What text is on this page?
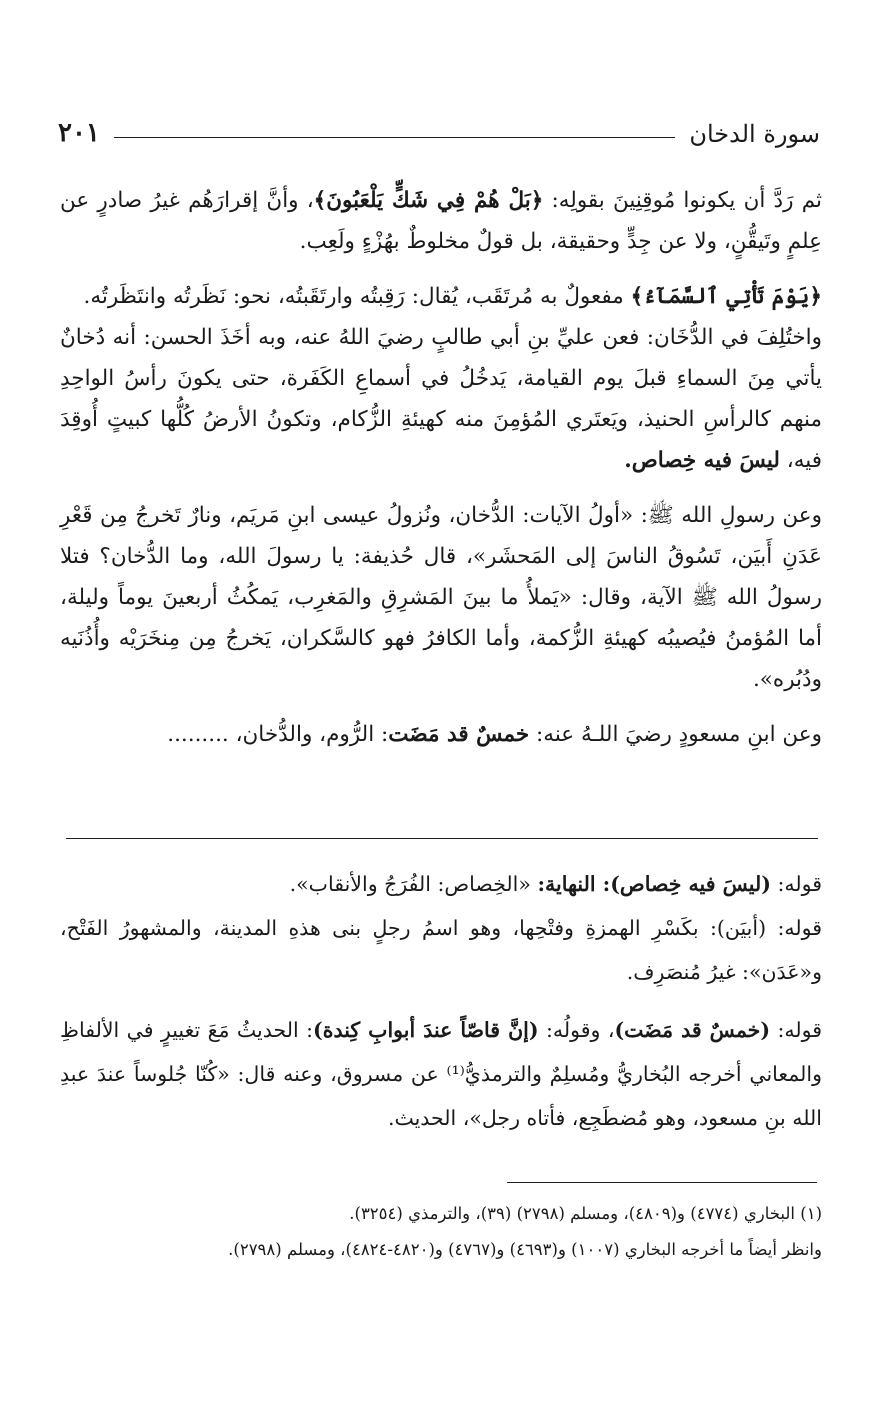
سورة الدخان
٢٠١

ثم رَدَّ أن يكونوا مُوقِنِينَ بقولِه: ﴿بَلْ هُمْ فِي شَكٍّ يَلْعَبُونَ﴾، وأنَّ إقرارَهُم غيرُ صادرٍ عن عِلمٍ وتَيقُّنٍ، ولا عن جِدٍّ وحقيقة، بل قولٌ مخلوطٌ بهُزْءٍ ولَعِب.

﴿يَوْمَ تَأْتِي ٱلسَّمَآءُ﴾ مفعولٌ به مُرتَقَب، يُقال: رَقِبتُه وارتَقَبتُه، نحو: نَظَرتُه وانتَظَرتُه.

واختُلِفَ في الدُّخَان: فعن عليِّ بنِ أبي طالبٍ رضيَ اللهُ عنه، وبه أخَذَ الحسن: أنه دُخانٌ يأتي مِنَ السماءِ قبلَ يوم القيامة، يَدخُلُ في أسماعِ الكَفَرة، حتى يكونَ رأسُ الواحِدِ منهم كالرأسِ الحنيذ، ويَعتَري المُؤمِنَ منه كهيئةِ الزُّكام، وتكونُ الأرضُ كُلُّها كبيتٍ أُوقِدَ فيه، ليسَ فيه خِصاص.

وعن رسولِ الله ﷺ: «أولُ الآيات: الدُّخان، ونُزولُ عيسى ابنِ مَريَم، ونارٌ تَخرجُ مِن قَعْرِ عَدَنِ أَبيَن، تَسُوقُ الناسَ إلى المَحشَر»، قال حُذيفة: يا رسولَ الله، وما الدُّخان؟ فتلا رسولُ الله ﷺ الآية، وقال: «يَملأُ ما بينَ المَشرِقِ والمَغرِب، يَمكُثُ أربعينَ يوماً وليلة، أما المُؤمنُ فيُصيبُه كهيئةِ الزُّكمة، وأما الكافرُ فهو كالسَّكران، يَخرجُ مِن مِنخَرَيْه وأُذُنَيه ودُبُره».

وعن ابنِ مسعودٍ رضيَ اللـهُ عنه: خمسٌ قد مَضَت: الرُّوم، والدُّخان، .........

قوله: (ليسَ فيه خِصاص): النهاية: «الخِصاص: الفُرَجُ والأنقاب».

قوله: (أبيَن): بكَسْرِ الهمزةِ وفتْحِها، وهو اسمُ رجلٍ بنى هذهِ المدينة، والمشهورُ الفَتْح، و«عَدَن»: غيرُ مُنصَرِف.

قوله: (خمسٌ قد مَضَت)، وقولُه: (إنَّ قاصّاً عندَ أبوابِ كِندة): الحديثُ مَعَ تغييرٍ في الألفاظِ والمعاني أخرجه البُخاريُّ ومُسلِمٌ والترمذيُّ⁽¹⁾ عن مسروق، وعنه قال: «كُنّا جُلوساً عندَ عبدِ الله بنِ مسعود، وهو مُضطَجِع، فأتاه رجل»، الحديث.

(١) البخاري (٤٧٧٤) و(٤٨٠٩)، ومسلم (٢٧٩٨) (٣٩)، والترمذي (٣٢٥٤).

وانظر أيضاً ما أخرجه البخاري (١٠٠٧) و(٤٦٩٣) و(٤٧٦٧) و(٤٨٢٠-٤٨٢٤)، ومسلم (٢٧٩٨).
